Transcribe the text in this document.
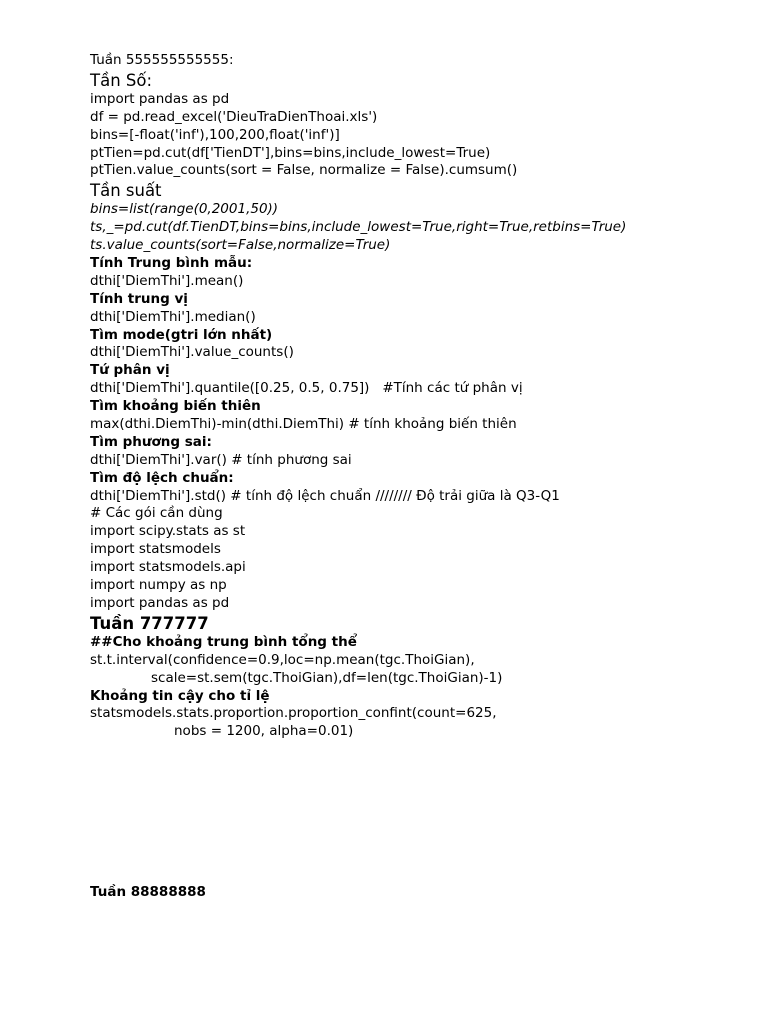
Tuần 555555555555:
Tần Số:
import pandas as pd
df = pd.read_excel('DieuTraDienThoai.xls')
bins=[-float('inf'),100,200,float('inf')]
ptTien=pd.cut(df['TienDT'],bins=bins,include_lowest=True)
ptTien.value_counts(sort = False, normalize = False).cumsum()
Tần suất
bins=list(range(0,2001,50))
ts,_=pd.cut(df.TienDT,bins=bins,include_lowest=True,right=True,retbins=True)
ts.value_counts(sort=False,normalize=True)
Tính Trung bình mẫu:
dthi['DiemThi'].mean()
Tính trung vị
dthi['DiemThi'].median()
Tìm mode(gtri lớn nhất)
dthi['DiemThi'].value_counts()
Tứ phân vị
dthi['DiemThi'].quantile([0.25, 0.5, 0.75])   #Tính các tứ phân vị
Tìm khoảng biến thiên
max(dthi.DiemThi)-min(dthi.DiemThi) # tính khoảng biến thiên
Tìm phương sai:
dthi['DiemThi'].var() # tính phương sai
Tìm độ lệch chuẩn:
dthi['DiemThi'].std() # tính độ lệch chuẩn //////// Độ trải giữa là Q3-Q1
# Các gói cần dùng
import scipy.stats as st
import statsmodels
import statsmodels.api
import numpy as np
import pandas as pd
Tuần 777777
##Cho khoảng trung bình tổng thể
st.t.interval(confidence=0.9,loc=np.mean(tgc.ThoiGian),
scale=st.sem(tgc.ThoiGian),df=len(tgc.ThoiGian)-1)
Khoảng tin cậy cho tỉ lệ
statsmodels.stats.proportion.proportion_confint(count=625,
nobs = 1200, alpha=0.01)
Tuần 88888888
